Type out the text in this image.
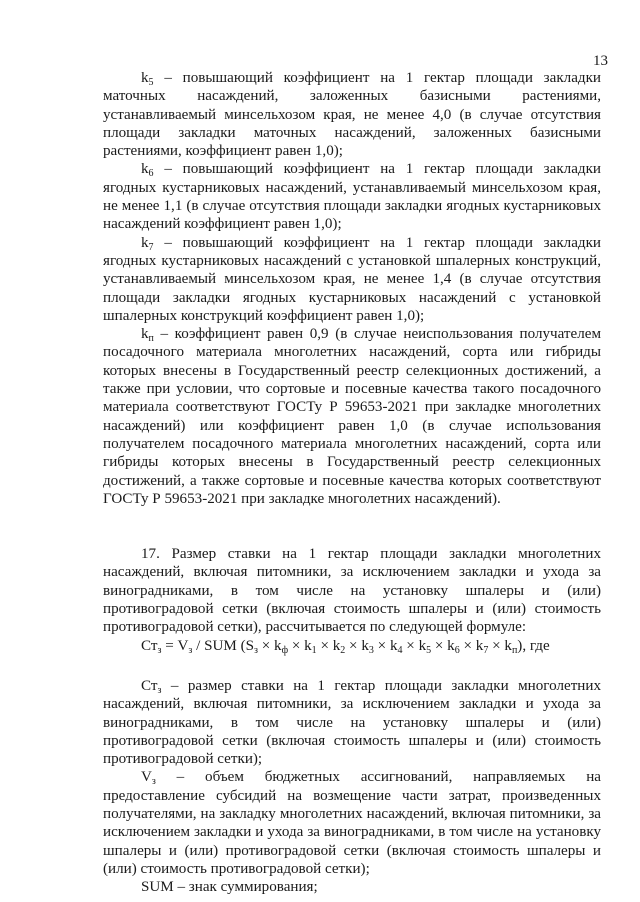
13

$k_5$ – повышающий коэффициент на 1 гектар площади закладки маточных насаждений, заложенных базисными растениями, устанавливаемый минсельхозом края, не менее 4,0 (в случае отсутствия площади закладки маточных насаждений, заложенных базисными растениями, коэффициент равен 1,0);

$k_6$ – повышающий коэффициент на 1 гектар площади закладки ягодных кустарниковых насаждений, устанавливаемый минсельхозом края, не менее 1,1 (в случае отсутствия площади закладки ягодных кустарниковых насаждений коэффициент равен 1,0);

$k_7$ – повышающий коэффициент на 1 гектар площади закладки ягодных кустарниковых насаждений с установкой шпалерных конструкций, устанавливаемый минсельхозом края, не менее 1,4 (в случае отсутствия площади закладки ягодных кустарниковых насаждений с установкой шпалерных конструкций коэффициент равен 1,0);

$k_п$ – коэффициент равен 0,9 (в случае неиспользования получателем посадочного материала многолетних насаждений, сорта или гибриды которых внесены в Государственный реестр селекционных достижений, а также при условии, что сортовые и посевные качества такого посадочного материала соответствуют ГОСТу Р 59653-2021 при закладке многолетних насаждений) или коэффициент равен 1,0 (в случае использования получателем посадочного материала многолетних насаждений, сорта или гибриды которых внесены в Государственный реестр селекционных достижений, а также сортовые и посевные качества которых соответствуют ГОСТу Р 59653-2021 при закладке многолетних насаждений).

17. Размер ставки на 1 гектар площади закладки многолетних насаждений, включая питомники, за исключением закладки и ухода за виноградниками, в том числе на установку шпалеры и (или) противоградовой сетки (включая стоимость шпалеры и (или) стоимость противоградовой сетки), рассчитывается по следующей формуле:

$Ст_з = V_з$ / SUM $(S_з \times k_ф \times k_1 \times k_2 \times k_3 \times k_4 \times k_5 \times k_6 \times k_7 \times k_п)$, где

$Ст_з$ – размер ставки на 1 гектар площади закладки многолетних насаждений, включая питомники, за исключением закладки и ухода за виноградниками, в том числе на установку шпалеры и (или) противоградовой сетки (включая стоимость шпалеры и (или) стоимость противоградовой сетки);

$V_з$ – объем бюджетных ассигнований, направляемых на предоставление субсидий на возмещение части затрат, произведенных получателями, на закладку многолетних насаждений, включая питомники, за исключением закладки и ухода за виноградниками, в том числе на установку шпалеры и (или) противоградовой сетки (включая стоимость шпалеры и (или) стоимость противоградовой сетки);

SUM – знак суммирования;
